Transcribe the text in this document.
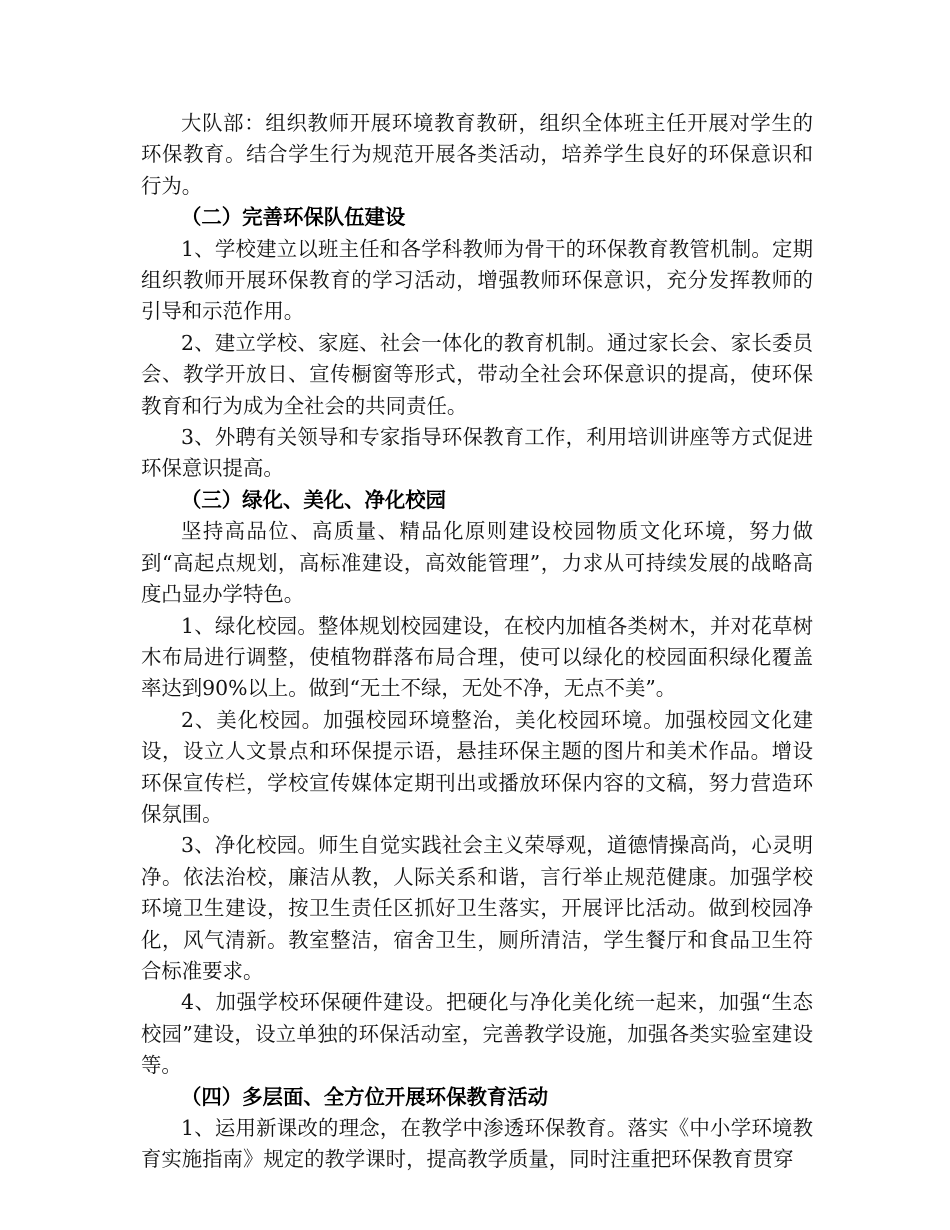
大队部：组织教师开展环境教育教研，组织全体班主任开展对学生的环保教育。结合学生行为规范开展各类活动，培养学生良好的环保意识和行为。

（二）完善环保队伍建设

1、学校建立以班主任和各学科教师为骨干的环保教育教管机制。定期组织教师开展环保教育的学习活动，增强教师环保意识，充分发挥教师的引导和示范作用。

2、建立学校、家庭、社会一体化的教育机制。通过家长会、家长委员会、教学开放日、宣传橱窗等形式，带动全社会环保意识的提高，使环保教育和行为成为全社会的共同责任。

3、外聘有关领导和专家指导环保教育工作，利用培训讲座等方式促进环保意识提高。

（三）绿化、美化、净化校园

坚持高品位、高质量、精品化原则建设校园物质文化环境，努力做到“高起点规划，高标准建设，高效能管理”，力求从可持续发展的战略高度凸显办学特色。

1、绿化校园。整体规划校园建设，在校内加植各类树木，并对花草树木布局进行调整，使植物群落布局合理，使可以绿化的校园面积绿化覆盖率达到90%以上。做到“无土不绿，无处不净，无点不美”。

2、美化校园。加强校园环境整治，美化校园环境。加强校园文化建设，设立人文景点和环保提示语，悬挂环保主题的图片和美术作品。增设环保宣传栏，学校宣传媒体定期刊出或播放环保内容的文稿，努力营造环保氛围。

3、净化校园。师生自觉实践社会主义荣辱观，道德情操高尚，心灵明净。依法治校，廉洁从教，人际关系和谐，言行举止规范健康。加强学校环境卫生建设，按卫生责任区抓好卫生落实，开展评比活动。做到校园净化，风气清新。教室整洁，宿舍卫生，厕所清洁，学生餐厅和食品卫生符合标准要求。

4、加强学校环保硬件建设。把硬化与净化美化统一起来，加强“生态校园”建设，设立单独的环保活动室，完善教学设施，加强各类实验室建设等。

（四）多层面、全方位开展环保教育活动

1、运用新课改的理念，在教学中渗透环保教育。落实《中小学环境教育实施指南》规定的教学课时，提高教学质量，同时注重把环保教育贯穿
